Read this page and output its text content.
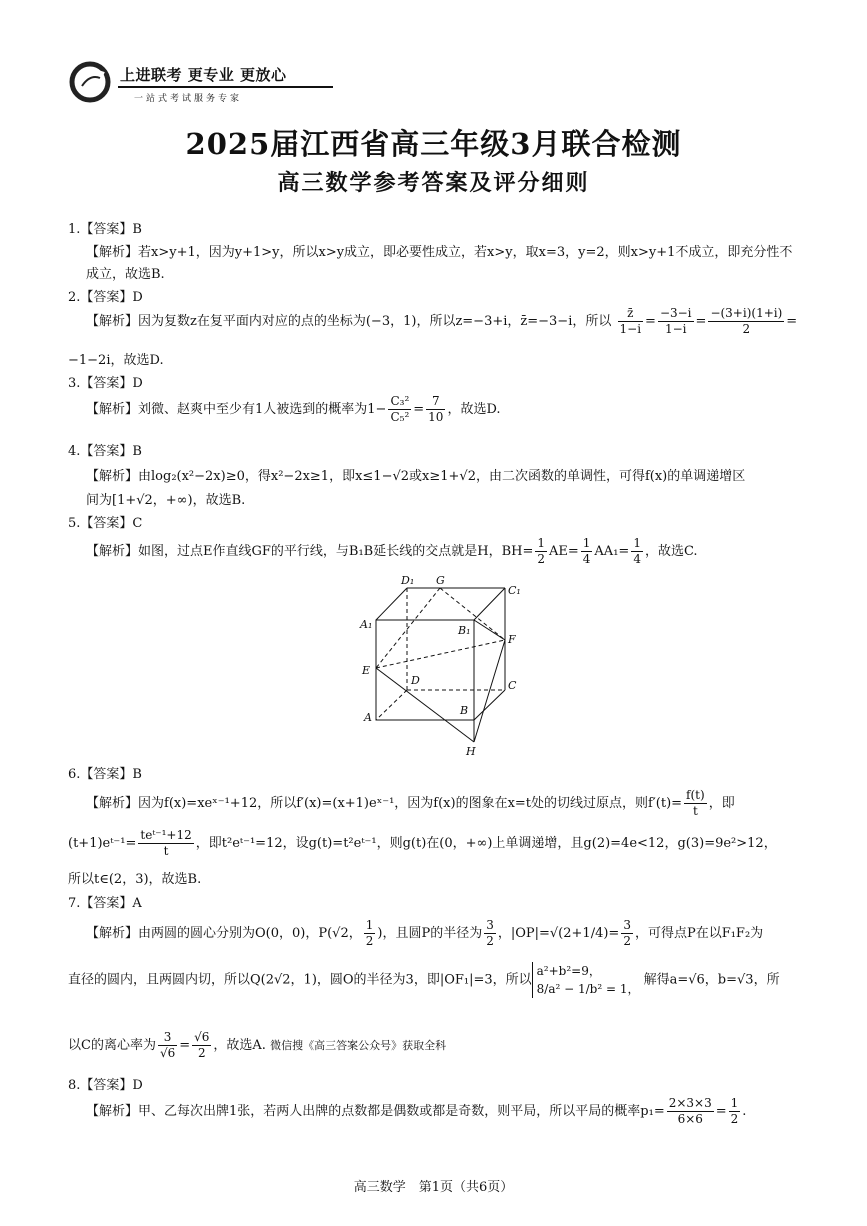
上进联考 更专业 更放心
一站式考试服务专家
2025届江西省高三年级3月联合检测
高三数学参考答案及评分细则
1.【答案】B
【解析】若x>y+1，因为y+1>y，所以x>y成立，即必要性成立，若x>y，取x=3，y=2，则x>y+1不成立，即充分性不
成立，故选B.
2.【答案】D
【解析】因为复数z在复平面内对应的点的坐标为(−3，1)，所以z=−3+i，z̄=−3−i，所以 $\frac{z̄}{1-i} = \frac{-3-i}{1-i} = \frac{-(3+i)(1+i)}{2}$ =
−1−2i，故选D.
3.【答案】D
【解析】刘微、赵爽中至少有1人被选到的概率为$1- \frac{\text{C₃²}}{\text{C₅²}} = \frac{7}{10}$ ，故选D.
4.【答案】B
【解析】由log₂(x²−2x)≥0，得x²−2x≥1，即x≤1−√2或x≥1+√2，由二次函数的单调性，可得f(x)的单调递增区
间为[1+√2，+∞)，故选B.
5.【答案】C
【解析】如图，过点E作直线GF的平行线，与B₁B延长线的交点就是H，$BH= \frac{1}{2} AE= \frac{1}{4} AA_1= \frac{1}{4}$ ，故选C.
D₁ G
C₁
A₁	B₁
F
E
D	C
A
B
H
6.【答案】B
【解析】因为f(x)=xeˣ⁻¹+12，所以f′(x)=(x+1)eˣ⁻¹，因为f(x)的图象在x=t处的切线过原点，则$f'(t)= \frac{f(t)}{t}$ ，即
(t+1)eᵗ⁻¹= $\frac{\text{teᵗ⁻¹+12}}{t}$ ，即t²eᵗ⁻¹=12，设g(t)=t²eᵗ⁻¹，则g(t)在(0，+∞)上单调递增，且g(2)=4e<12，g(3)=9e²>12，
所以t∈(2，3)，故选B.
7.【答案】A
【解析】由两圆的圆心分别为O(0，0)，P(√2， $\frac{1}{2}$ )，且圆P的半径为 $\frac{3}{2}$ ，$|OP|=√(2+1/4)= \frac{3}{2}$ ，可得点P在以F₁F₂为
直径的圆内，且两圆内切，所以Q(2√2，1)，圆O的半径为3，即|OF₁|=3，所以
a²+b²=9，
8/a² − 1/b² = 1，
解得a=√6，b=√3，所
以C的离心率为 $\frac{3}{√6} = \frac{√6}{2}$ ，故选A. 微信搜《高三答案公众号》获取全科
8.【答案】D
【解析】甲、乙每次出牌1张，若两人出牌的点数都是偶数或都是奇数，则平局，所以平局的概率$p_1= \frac{2\times 3\times 3}{6\times 6} = \frac{1}{2}$ .
高三数学　第1页（共6页）
